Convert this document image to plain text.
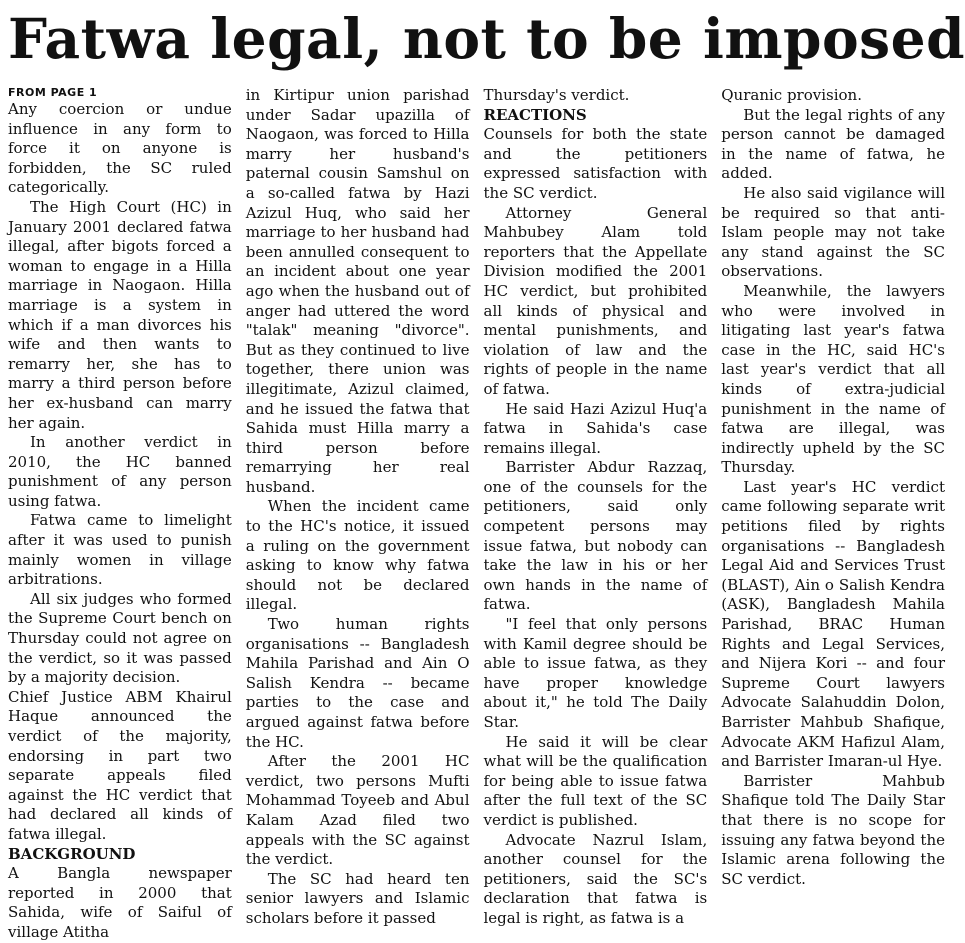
Fatwa legal, not to be imposed
FROM PAGE 1

Any coercion or undue influence in any form to force it on anyone is forbidden, the SC ruled categorically.

The High Court (HC) in January 2001 declared fatwa illegal, after bigots forced a woman to engage in a Hilla marriage in Naogaon. Hilla marriage is a system in which if a man divorces his wife and then wants to remarry her, she has to marry a third person before her ex-husband can marry her again.

In another verdict in 2010, the HC banned punishment of any person using fatwa.

Fatwa came to limelight after it was used to punish mainly women in village arbitrations.

All six judges who formed the Supreme Court bench on Thursday could not agree on the verdict, so it was passed by a majority decision.

Chief Justice ABM Khairul Haque announced the verdict of the majority, endorsing in part two separate appeals filed against the HC verdict that had declared all kinds of fatwa illegal.

BACKGROUND

A Bangla newspaper reported in 2000 that Sahida, wife of Saiful of village Atitha

in Kirtipur union parishad under Sadar upazilla of Naogaon, was forced to Hilla marry her husband's paternal cousin Samshul on a so-called fatwa by Hazi Azizul Huq, who said her marriage to her husband had been annulled consequent to an incident about one year ago when the husband out of anger had uttered the word "talak" meaning "divorce". But as they continued to live together, there union was illegitimate, Azizul claimed, and he issued the fatwa that Sahida must Hilla marry a third person before remarrying her real husband.

When the incident came to the HC's notice, it issued a ruling on the government asking to know why fatwa should not be declared illegal.

Two human rights organisations -- Bangladesh Mahila Parishad and Ain O Salish Kendra -- became parties to the case and argued against fatwa before the HC.

After the 2001 HC verdict, two persons Mufti Mohammad Toyeeb and Abul Kalam Azad filed two appeals with the SC against the verdict.

The SC had heard ten senior lawyers and Islamic scholars before it passed

Thursday's verdict.

REACTIONS

Counsels for both the state and the petitioners expressed satisfaction with the SC verdict.

Attorney General Mahbubey Alam told reporters that the Appellate Division modified the 2001 HC verdict, but prohibited all kinds of physical and mental punishments, and violation of law and the rights of people in the name of fatwa.

He said Hazi Azizul Huq'a fatwa in Sahida's case remains illegal.

Barrister Abdur Razzaq, one of the counsels for the petitioners, said only competent persons may issue fatwa, but nobody can take the law in his or her own hands in the name of fatwa.

"I feel that only persons with Kamil degree should be able to issue fatwa, as they have proper knowledge about it," he told The Daily Star.

He said it will be clear what will be the qualification for being able to issue fatwa after the full text of the SC verdict is published.

Advocate Nazrul Islam, another counsel for the petitioners, said the SC's declaration that fatwa is legal is right, as fatwa is a

Quranic provision.

But the legal rights of any person cannot be damaged in the name of fatwa, he added.

He also said vigilance will be required so that anti-Islam people may not take any stand against the SC observations.

Meanwhile, the lawyers who were involved in litigating last year's fatwa case in the HC, said HC's last year's verdict that all kinds of extra-judicial punishment in the name of fatwa are illegal, was indirectly upheld by the SC Thursday.

Last year's HC verdict came following separate writ petitions filed by rights organisations -- Bangladesh Legal Aid and Services Trust (BLAST), Ain o Salish Kendra (ASK), Bangladesh Mahila Parishad, BRAC Human Rights and Legal Services, and Nijera Kori -- and four Supreme Court lawyers Advocate Salahuddin Dolon, Barrister Mahbub Shafique, Advocate AKM Hafizul Alam, and Barrister Imaran-ul Hye.

Barrister Mahbub Shafique told The Daily Star that there is no scope for issuing any fatwa beyond the Islamic arena following the SC verdict.
